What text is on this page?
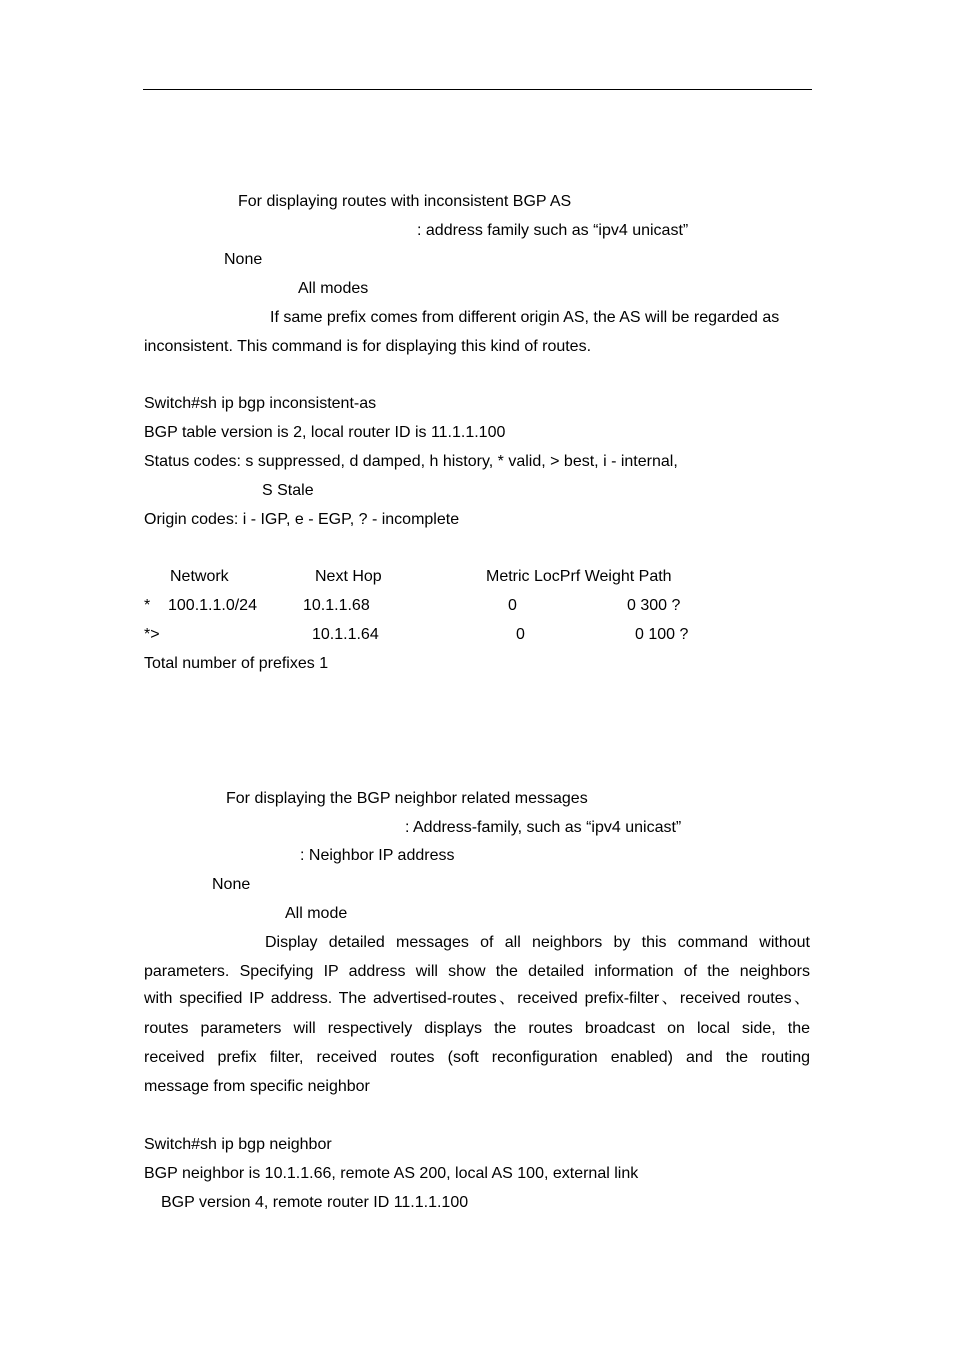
For displaying routes with inconsistent BGP AS
: address family such as “ipv4 unicast”
None
All modes
If same prefix comes from different origin AS, the AS will be regarded as
inconsistent. This command is for displaying this kind of routes.
Switch#sh ip bgp inconsistent-as
BGP table version is 2, local router ID is 11.1.1.100
Status codes: s suppressed, d damped, h history, * valid, > best, i - internal,
S Stale
Origin codes: i - IGP, e - EGP, ? - incomplete
Network	Next Hop	Metric LocPrf Weight Path
* 100.1.1.0/24	10.1.1.68	0	0 300 ?
*>	10.1.1.64	0	0 100 ?
Total number of prefixes 1
For displaying the BGP neighbor related messages
: Address-family, such as “ipv4 unicast”
: Neighbor IP address
None
All mode
Display detailed messages of all neighbors by this command without
parameters. Specifying IP address will show the detailed information of the neighbors
with specified IP address. The advertised-routes、received prefix-filter、received routes、
routes parameters will respectively displays the routes broadcast on local side, the
received prefix filter, received routes (soft reconfiguration enabled) and the routing
message from specific neighbor
Switch#sh ip bgp neighbor
BGP neighbor is 10.1.1.66, remote AS 200, local AS 100, external link
BGP version 4, remote router ID 11.1.1.100
